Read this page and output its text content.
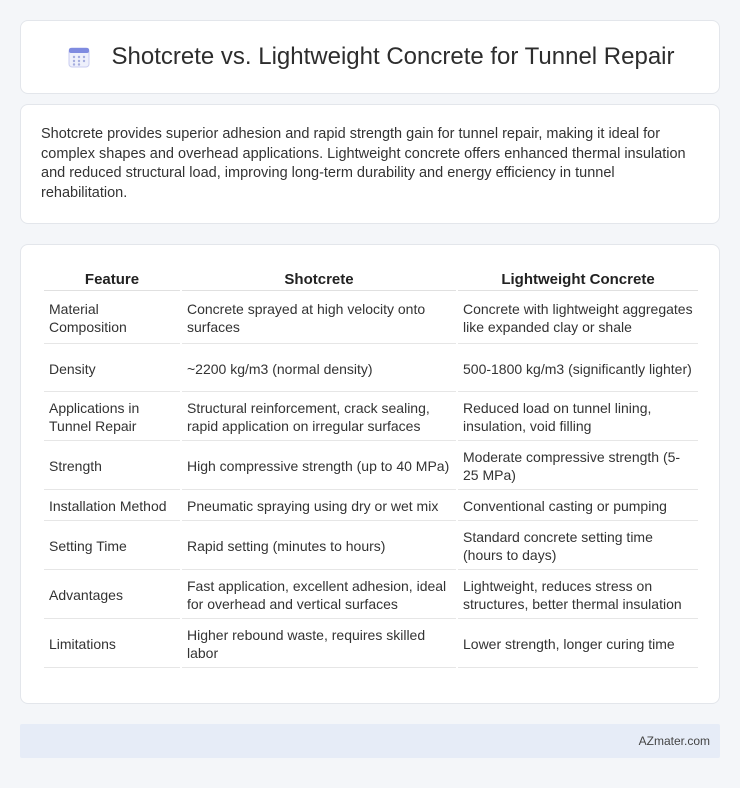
Shotcrete vs. Lightweight Concrete for Tunnel Repair

Shotcrete provides superior adhesion and rapid strength gain for tunnel repair, making it ideal for complex shapes and overhead applications. Lightweight concrete offers enhanced thermal insulation and reduced structural load, improving long-term durability and energy efficiency in tunnel rehabilitation.

Feature	Shotcrete	Lightweight Concrete
Material Composition	Concrete sprayed at high velocity onto surfaces	Concrete with lightweight aggregates like expanded clay or shale
Density	~2200 kg/m3 (normal density)	500-1800 kg/m3 (significantly lighter)
Applications in Tunnel Repair	Structural reinforcement, crack sealing, rapid application on irregular surfaces	Reduced load on tunnel lining, insulation, void filling
Strength	High compressive strength (up to 40 MPa)	Moderate compressive strength (5-25 MPa)
Installation Method	Pneumatic spraying using dry or wet mix	Conventional casting or pumping
Setting Time	Rapid setting (minutes to hours)	Standard concrete setting time (hours to days)
Advantages	Fast application, excellent adhesion, ideal for overhead and vertical surfaces	Lightweight, reduces stress on structures, better thermal insulation
Limitations	Higher rebound waste, requires skilled labor	Lower strength, longer curing time
AZmater.com
